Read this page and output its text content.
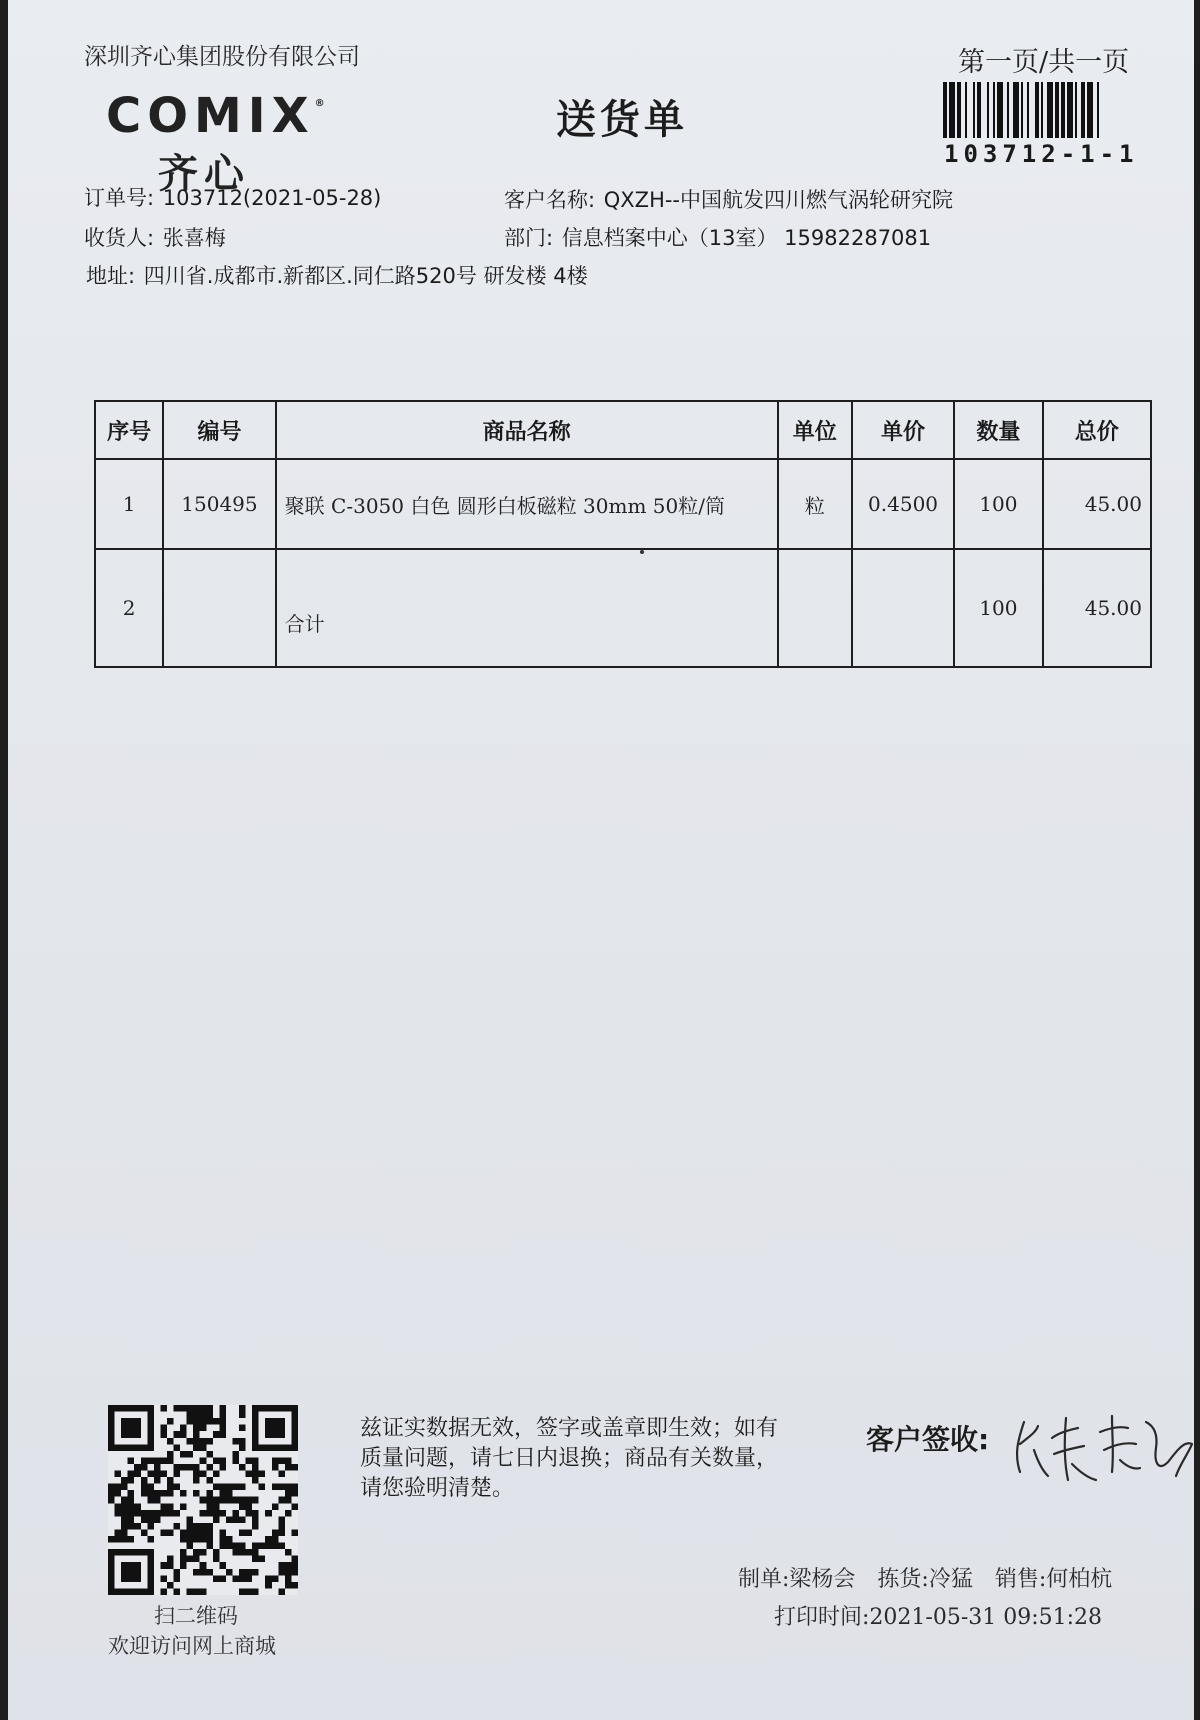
深圳齐心集团股份有限公司	第一页/共一页
COMIX®
齐心
送货单
103712-1-1
订单号: 103712(2021-05-28)	客户名称: QXZH--中国航发四川燃气涡轮研究院
收货人: 张喜梅	部门: 信息档案中心（13室） 15982287081
地址: 四川省.成都市.新都区.同仁路520号 研发楼 4楼
序号	编号	商品名称	单位	单价	数量	总价
1	150495	聚联 C-3050 白色 圆形白板磁粒 30mm 50粒/筒	粒	0.4500	100	45.00
2		合计			100	45.00
扫二维码
欢迎访问网上商城
兹证实数据无效，签字或盖章即生效；如有质量问题，请七日内退换；商品有关数量，请您验明清楚。
客户签收:
制单:梁杨会　拣货:冷猛　销售:何柏杭
打印时间:2021-05-31 09:51:28
